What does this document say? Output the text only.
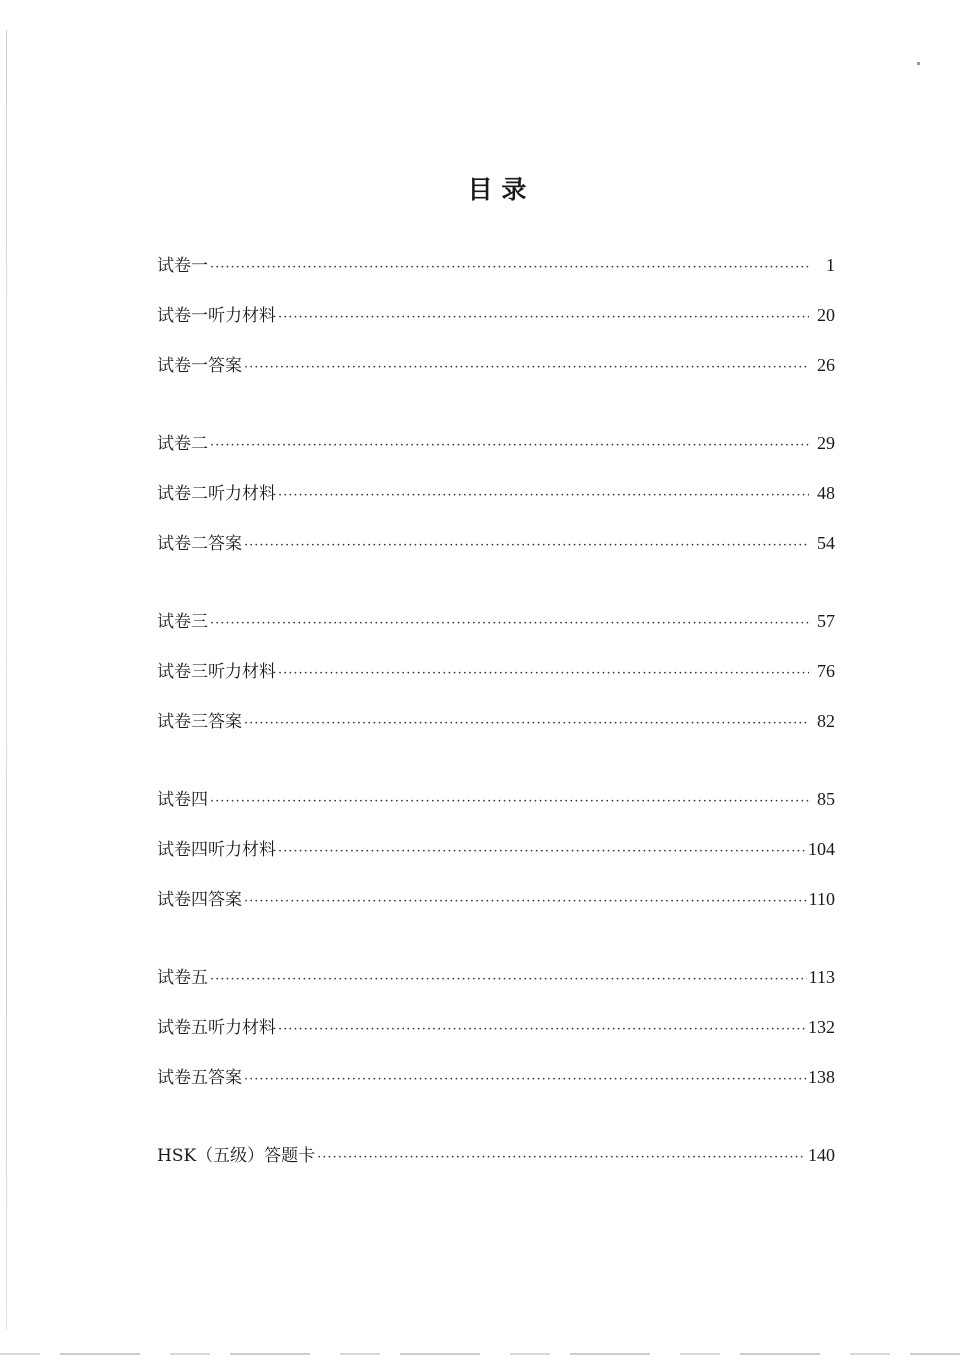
目 录
试卷一 ·····	1
试卷一听力材料 ·····	20
试卷一答案 ·····	26
试卷二 ·····	29
试卷二听力材料 ·····	48
试卷二答案 ·····	54
试卷三 ·····	57
试卷三听力材料 ·····	76
试卷三答案 ·····	82
试卷四 ·····	85
试卷四听力材料 ·····	104
试卷四答案 ·····	110
试卷五 ·····	113
试卷五听力材料 ·····	132
试卷五答案 ·····	138
HSK（五级）答题卡 ·····	140
